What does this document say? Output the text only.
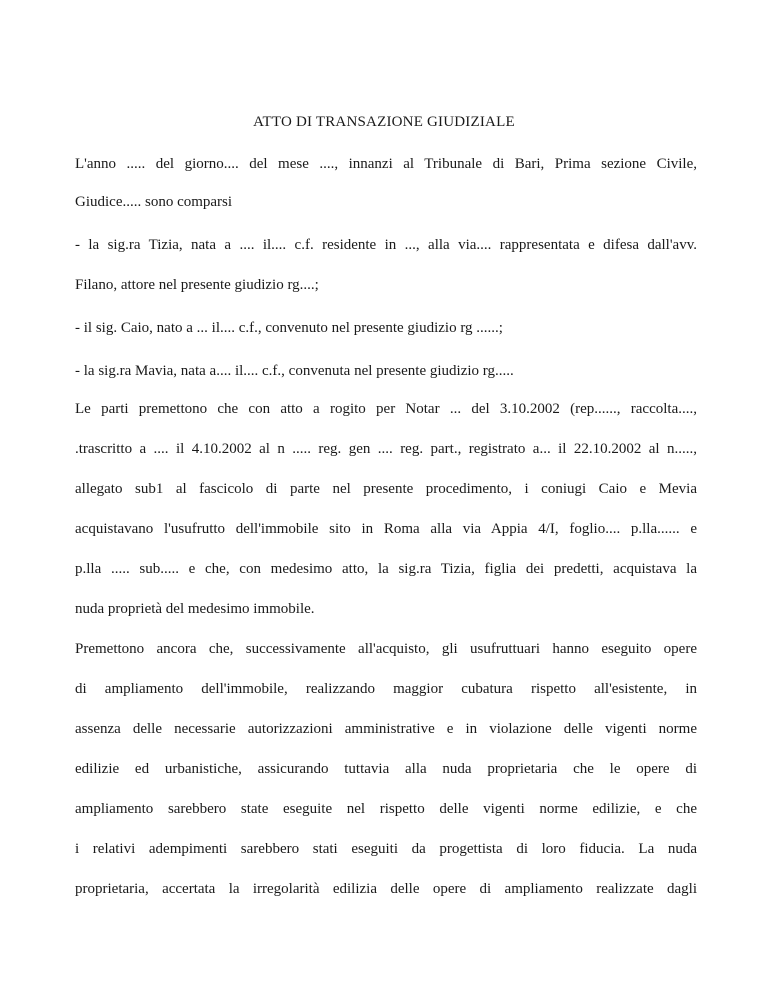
ATTO DI TRANSAZIONE GIUDIZIALE
L'anno ..... del giorno.... del mese ...., innanzi al Tribunale di Bari, Prima sezione Civile,
Giudice..... sono comparsi
- la sig.ra Tizia, nata a .... il.... c.f. residente in ..., alla via.... rappresentata e difesa dall'avv.
Filano, attore nel presente giudizio rg....;
- il sig. Caio, nato a ... il.... c.f., convenuto nel presente giudizio rg ......;
- la sig.ra Mavia, nata a.... il.... c.f., convenuta nel presente giudizio rg.....
Le parti premettono che con atto a rogito per Notar ... del 3.10.2002 (rep......, raccolta....,
.trascritto a .... il 4.10.2002 al n ..... reg. gen .... reg. part., registrato a... il 22.10.2002 al n.....,
allegato sub1 al fascicolo di parte nel presente procedimento, i coniugi Caio e Mevia
acquistavano l'usufrutto dell'immobile sito in Roma alla via Appia 4/I, foglio.... p.lla...... e
p.lla ..... sub..... e che, con medesimo atto, la sig.ra Tizia, figlia dei predetti, acquistava la
nuda proprietà del medesimo immobile.
Premettono ancora che, successivamente all'acquisto, gli usufruttuari hanno eseguito opere
di ampliamento dell'immobile, realizzando maggior cubatura rispetto all'esistente, in
assenza delle necessarie autorizzazioni amministrative e in violazione delle vigenti norme
edilizie ed urbanistiche, assicurando tuttavia alla nuda proprietaria che le opere di
ampliamento sarebbero state eseguite nel rispetto delle vigenti norme edilizie, e che
i relativi adempimenti sarebbero stati eseguiti da progettista di loro fiducia. La nuda
proprietaria, accertata la irregolarità edilizia delle opere di ampliamento realizzate dagli
